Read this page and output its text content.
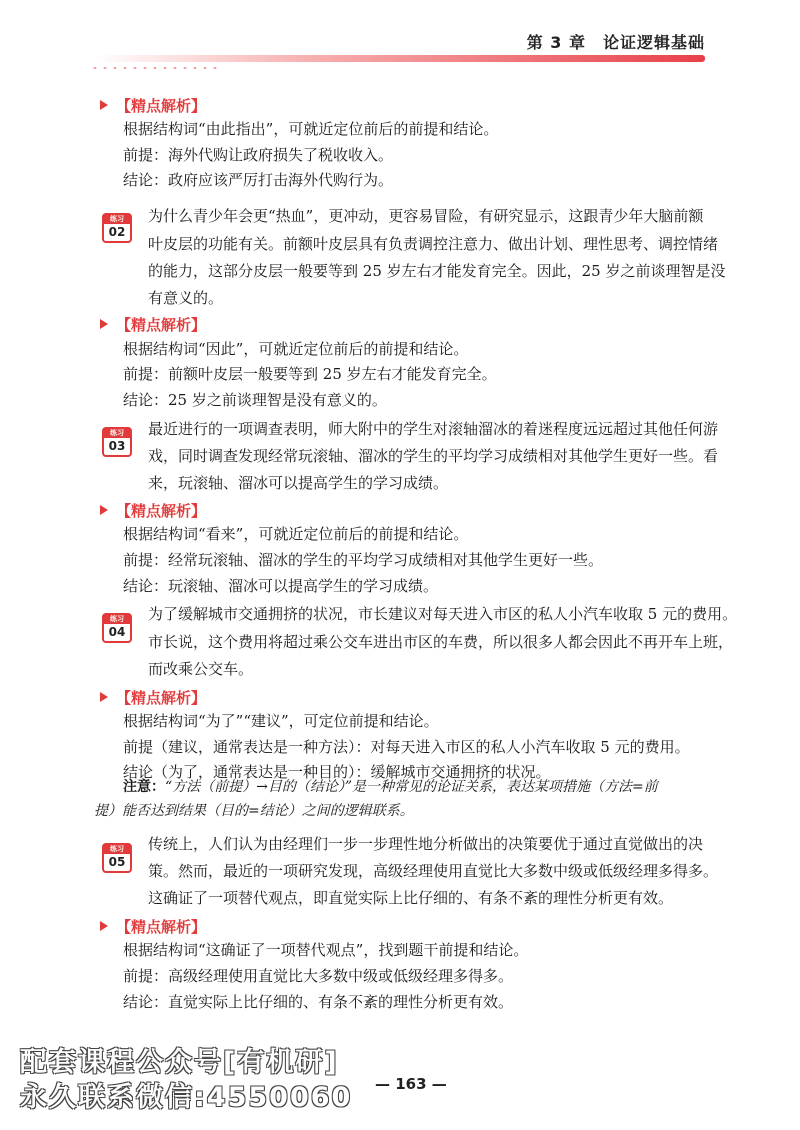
第 3 章　论证逻辑基础
【精点解析】
根据结构词“由此指出”，可就近定位前后的前提和结论。
前提：海外代购让政府损失了税收收入。
结论：政府应该严厉打击海外代购行为。
练习
02
为什么青少年会更“热血”，更冲动，更容易冒险，有研究显示，这跟青少年大脑前额
叶皮层的功能有关。前额叶皮层具有负责调控注意力、做出计划、理性思考、调控情绪
的能力，这部分皮层一般要等到 25 岁左右才能发育完全。因此，25 岁之前谈理智是没
有意义的。
【精点解析】
根据结构词“因此”，可就近定位前后的前提和结论。
前提：前额叶皮层一般要等到 25 岁左右才能发育完全。
结论：25 岁之前谈理智是没有意义的。
练习
03
最近进行的一项调查表明，师大附中的学生对滚轴溜冰的着迷程度远远超过其他任何游
戏，同时调查发现经常玩滚轴、溜冰的学生的平均学习成绩相对其他学生更好一些。看
来，玩滚轴、溜冰可以提高学生的学习成绩。
【精点解析】
根据结构词“看来”，可就近定位前后的前提和结论。
前提：经常玩滚轴、溜冰的学生的平均学习成绩相对其他学生更好一些。
结论：玩滚轴、溜冰可以提高学生的学习成绩。
练习
04
为了缓解城市交通拥挤的状况，市长建议对每天进入市区的私人小汽车收取 5 元的费用。
市长说，这个费用将超过乘公交车进出市区的车费，所以很多人都会因此不再开车上班，
而改乘公交车。
【精点解析】
根据结构词“为了”“建议”，可定位前提和结论。
前提（建议，通常表达是一种方法）：对每天进入市区的私人小汽车收取 5 元的费用。
结论（为了，通常表达是一种目的）：缓解城市交通拥挤的状况。
注意：“方法（前提）→目的（结论）”是一种常见的论证关系，表达某项措施（方法=前
提）能否达到结果（目的=结论）之间的逻辑联系。
练习
05
传统上，人们认为由经理们一步一步理性地分析做出的决策要优于通过直觉做出的决
策。然而，最近的一项研究发现，高级经理使用直觉比大多数中级或低级经理多得多。
这确证了一项替代观点，即直觉实际上比仔细的、有条不紊的理性分析更有效。
【精点解析】
根据结构词“这确证了一项替代观点”，找到题干前提和结论。
前提：高级经理使用直觉比大多数中级或低级经理多得多。
结论：直觉实际上比仔细的、有条不紊的理性分析更有效。
— 163 —
配套课程公众号[有机研]
永久联系微信:4550060
